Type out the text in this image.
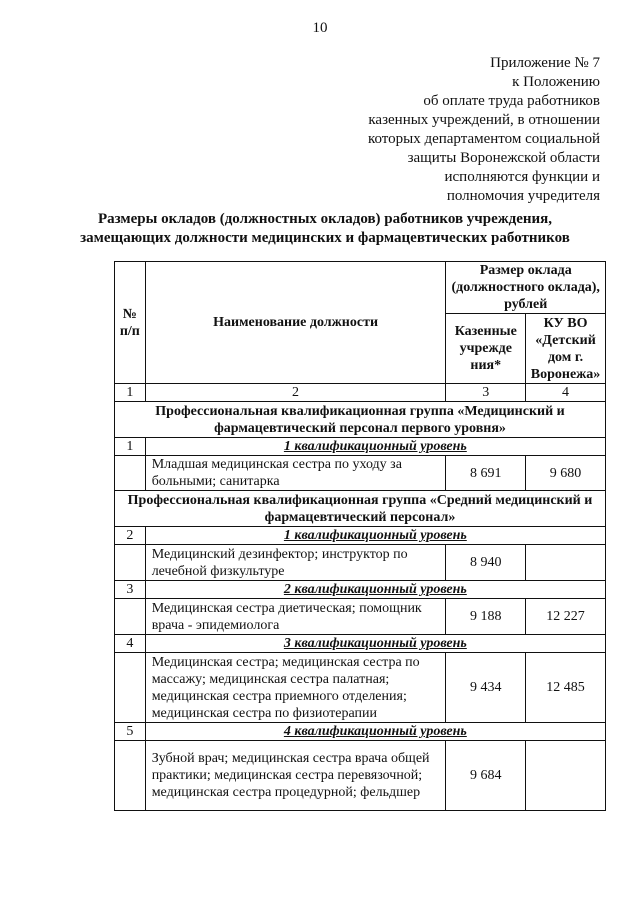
10
Приложение № 7
к Положению
об оплате труда работников
казенных учреждений, в отношении
которых департаментом социальной
защиты Воронежской области
исполняются функции и
полномочия учредителя
Размеры окладов (должностных окладов) работников учреждения,
замещающих должности медицинских и фармацевтических работников
№ п/п	Наименование должности	Размер оклада (должностного оклада), рублей	
		Казенные учрежде ния*	КУ ВО «Детский дом г. Воронежа»
1	2	3	4
Профессиональная квалификационная группа «Медицинский и фармацевтический персонал первого уровня»			
1	1 квалификационный уровень		
	Младшая медицинская сестра по уходу за больными; санитарка	8 691	9 680
Профессиональная квалификационная группа «Средний медицинский и фармацевтический персонал»			
2	1 квалификационный уровень		
	Медицинский дезинфектор; инструктор по лечебной физкультуре	8 940	
3	2 квалификационный уровень		
	Медицинская сестра диетическая; помощник врача - эпидемиолога	9 188	12 227
4	3 квалификационный уровень		
	Медицинская сестра; медицинская сестра по массажу; медицинская сестра палатная; медицинская сестра приемного отделения; медицинская сестра по физиотерапии	9 434	12 485
5	4 квалификационный уровень		
	Зубной врач; медицинская сестра врача общей практики; медицинская сестра перевязочной; медицинская сестра процедурной; фельдшер	9 684	
